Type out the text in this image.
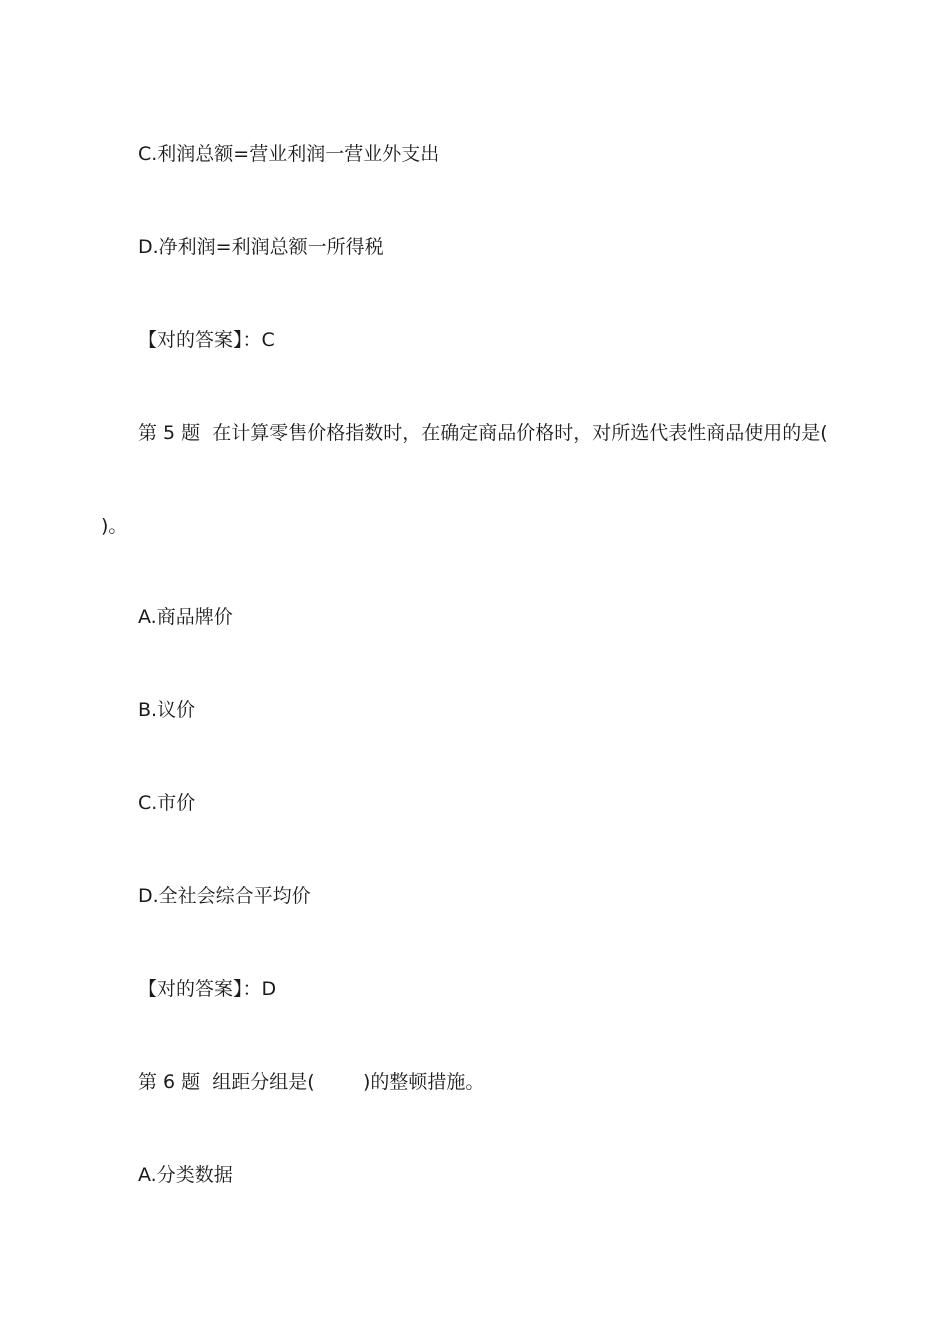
C.利润总额=营业利润一营业外支出
D.净利润=利润总额一所得税
【对的答案】：C
第 5 题  在计算零售价格指数时，在确定商品价格时，对所选代表性商品使用的是(
)。
A.商品牌价
B.议价
C.市价
D.全社会综合平均价
【对的答案】：D
第 6 题  组距分组是(        )的整顿措施。
A.分类数据
